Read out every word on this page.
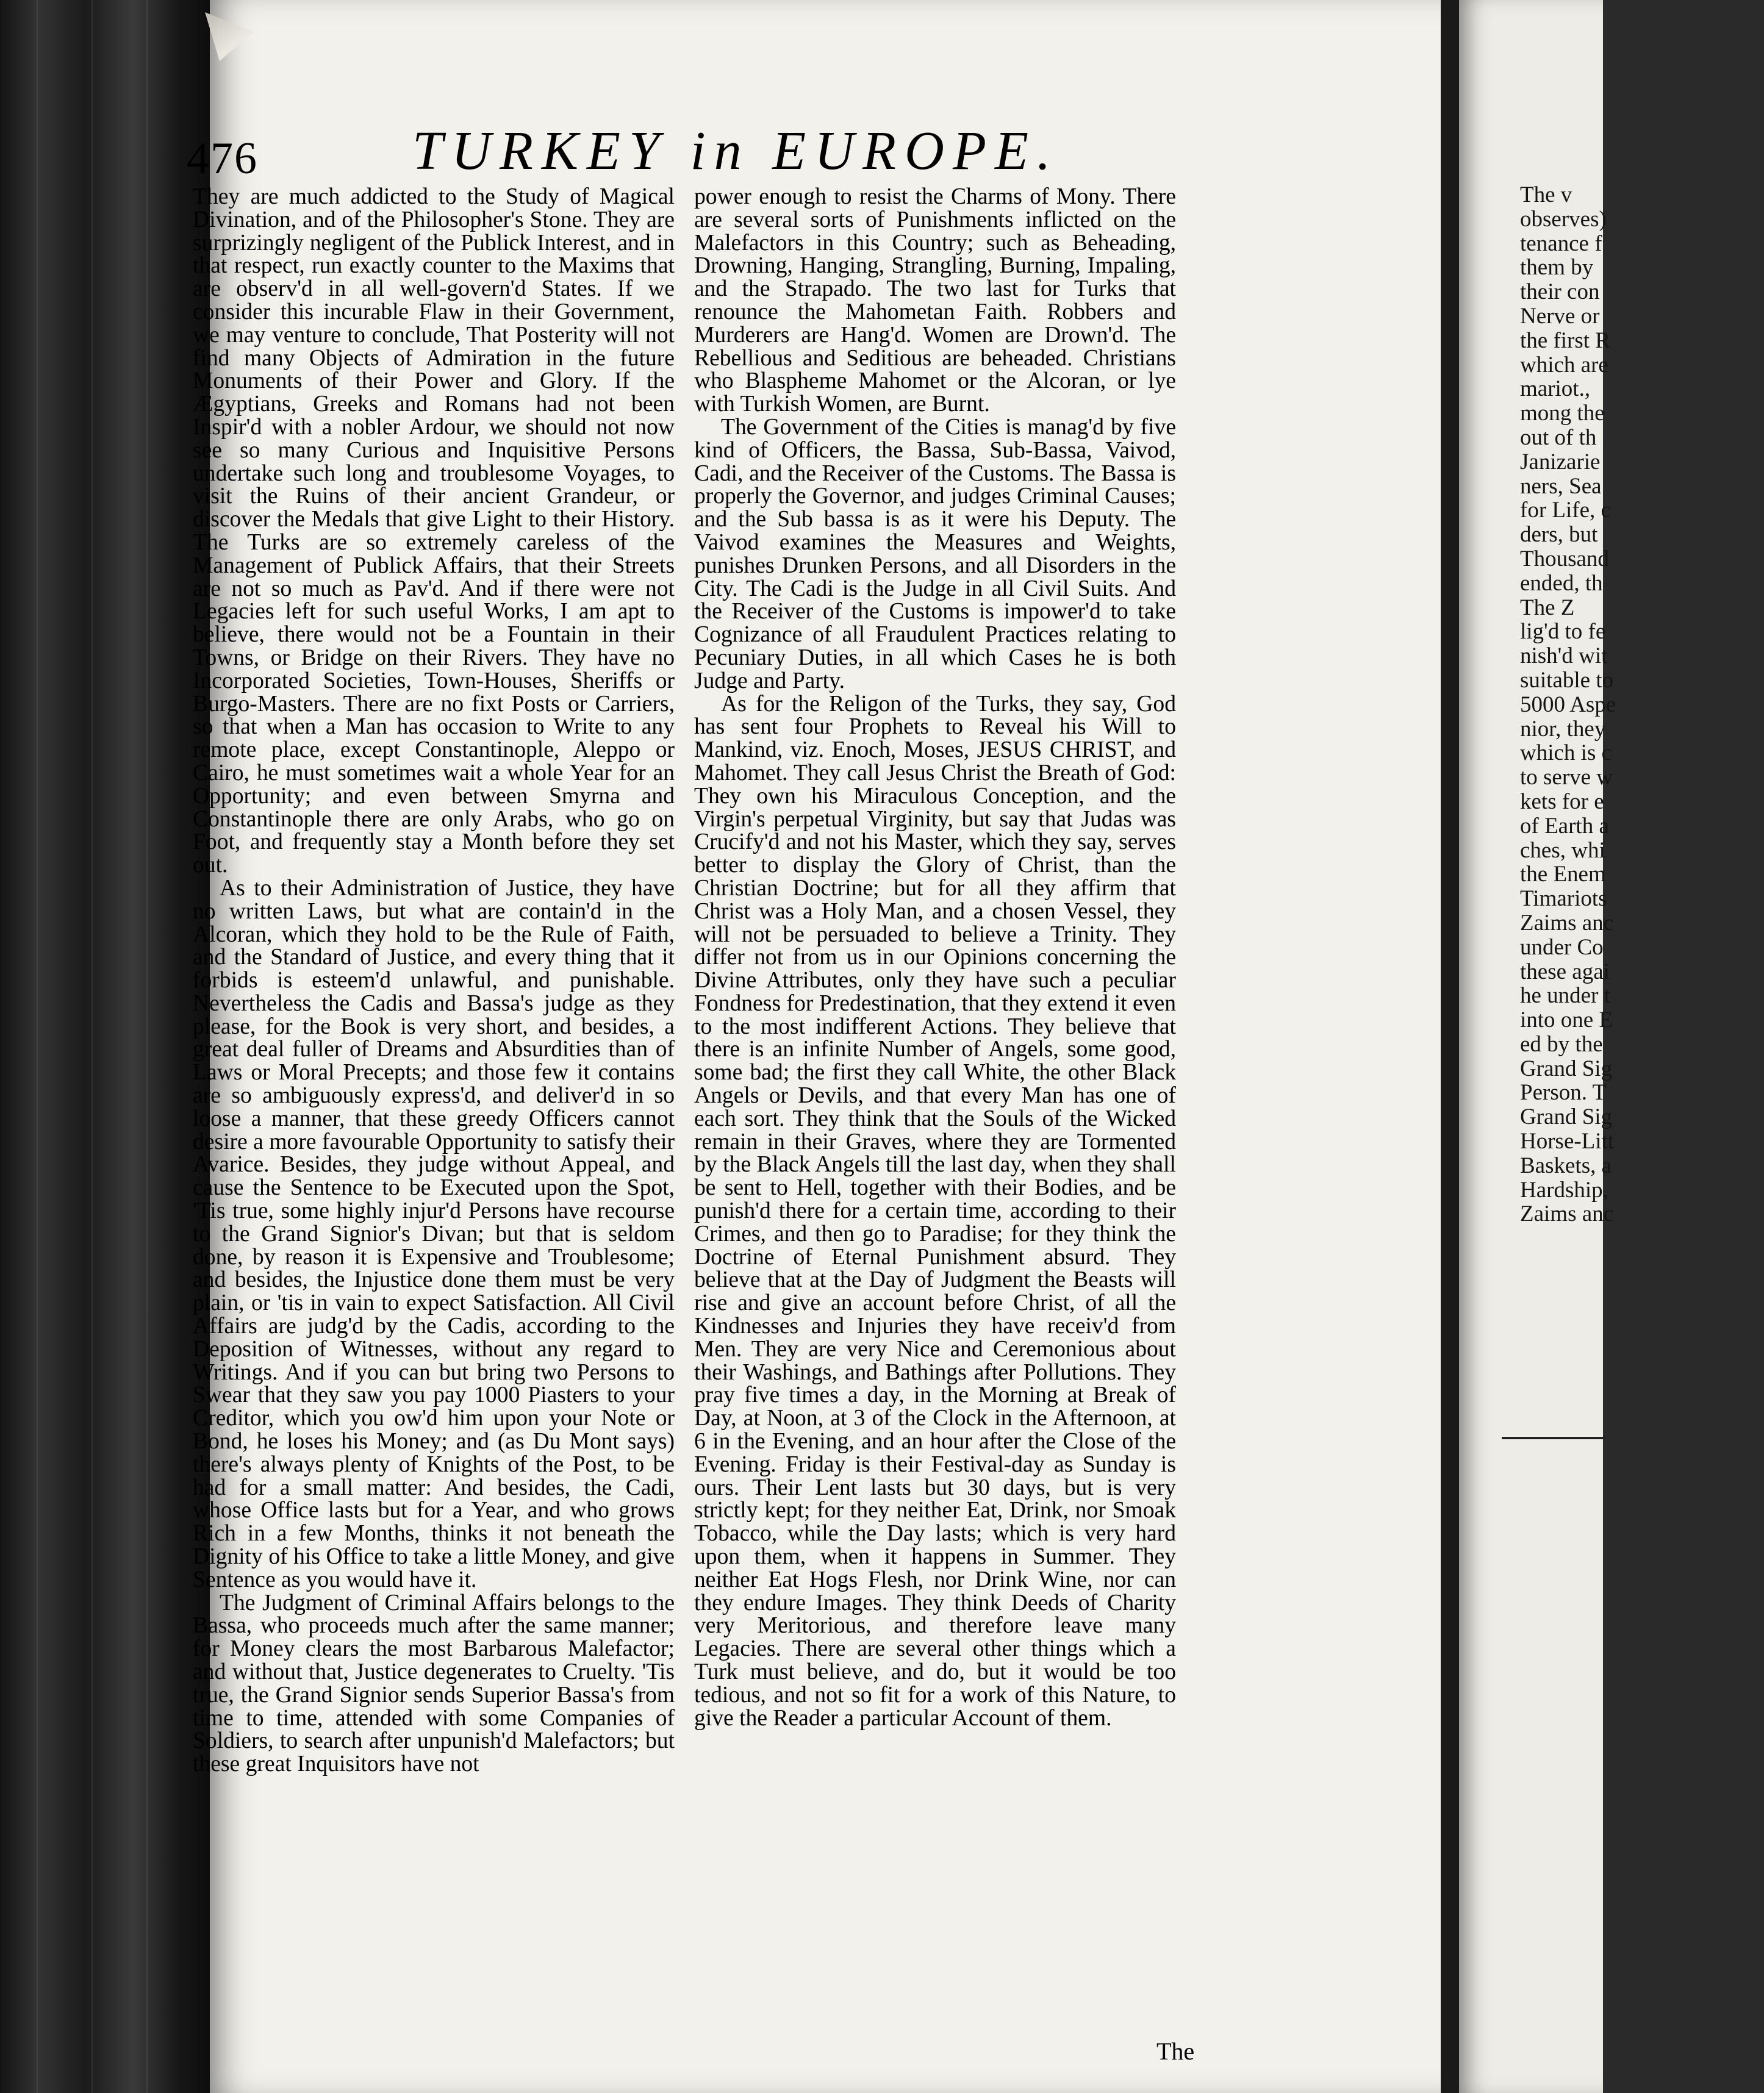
476	TURKEY in EUROPE.

They are much addicted to the Study of Magical Divination, and of the Philosopher's Stone. They are surprizingly negligent of the Publick Interest, and in that respect, run exactly counter to the Maxims that are observ'd in all well-govern'd States. If we consider this incurable Flaw in their Government, we may venture to conclude, That Posterity will not find many Objects of Admiration in the future Monuments of their Power and Glory. If the Ægyptians, Greeks and Romans had not been Inspir'd with a nobler Ardour, we should not now see so many Curious and Inquisitive Persons undertake such long and troublesome Voyages, to visit the Ruins of their ancient Grandeur, or discover the Medals that give Light to their History. The Turks are so extremely careless of the Management of Publick Affairs, that their Streets are not so much as Pav'd. And if there were not Legacies left for such useful Works, I am apt to believe, there would not be a Fountain in their Towns, or Bridge on their Rivers. They have no Incorporated Societies, Town-Houses, Sheriffs or Burgo-Masters. There are no fixt Posts or Carriers, so that when a Man has occasion to Write to any remote place, except Constantinople, Aleppo or Cairo, he must sometimes wait a whole Year for an Opportunity; and even between Smyrna and Constantinople there are only Arabs, who go on Foot, and frequently stay a Month before they set out.

As to their Administration of Justice, they have no written Laws, but what are contain'd in the Alcoran, which they hold to be the Rule of Faith, and the Standard of Justice, and every thing that it forbids is esteem'd unlawful, and punishable. Nevertheless the Cadis and Bassa's judge as they please, for the Book is very short, and besides, a great deal fuller of Dreams and Absurdities than of Laws or Moral Precepts; and those few it contains are so ambiguously express'd, and deliver'd in so loose a manner, that these greedy Officers cannot desire a more favourable Opportunity to satisfy their Avarice. Besides, they judge without Appeal, and cause the Sentence to be Executed upon the Spot, 'Tis true, some highly injur'd Persons have recourse to the Grand Signior's Divan; but that is seldom done, by reason it is Expensive and Troublesome; and besides, the Injustice done them must be very plain, or 'tis in vain to expect Satisfaction. All Civil Affairs are judg'd by the Cadis, according to the Deposition of Witnesses, without any regard to Writings. And if you can but bring two Persons to Swear that they saw you pay 1000 Piasters to your Creditor, which you ow'd him upon your Note or Bond, he loses his Money; and (as Du Mont says) there's always plenty of Knights of the Post, to be had for a small matter: And besides, the Cadi, whose Office lasts but for a Year, and who grows Rich in a few Months, thinks it not beneath the Dignity of his Office to take a little Money, and give Sentence as you would have it.

The Judgment of Criminal Affairs belongs to the Bassa, who proceeds much after the same manner; for Money clears the most Barbarous Malefactor; and without that, Justice degenerates to Cruelty. 'Tis true, the Grand Signior sends Superior Bassa's from time to time, attended with some Companies of Soldiers, to search after unpunish'd Malefactors; but these great Inquisitors have not

power enough to resist the Charms of Mony. There are several sorts of Punishments inflicted on the Malefactors in this Country; such as Beheading, Drowning, Hanging, Strangling, Burning, Impaling, and the Strapado. The two last for Turks that renounce the Mahometan Faith. Robbers and Murderers are Hang'd. Women are Drown'd. The Rebellious and Seditious are beheaded. Christians who Blaspheme Mahomet or the Alcoran, or lye with Turkish Women, are Burnt.

The Government of the Cities is manag'd by five kind of Officers, the Bassa, Sub-Bassa, Vaivod, Cadi, and the Receiver of the Customs. The Bassa is properly the Governor, and judges Criminal Causes; and the Sub bassa is as it were his Deputy. The Vaivod examines the Measures and Weights, punishes Drunken Persons, and all Disorders in the City. The Cadi is the Judge in all Civil Suits. And the Receiver of the Customs is impower'd to take Cognizance of all Fraudulent Practices relating to Pecuniary Duties, in all which Cases he is both Judge and Party.

As for the Religon of the Turks, they say, God has sent four Prophets to Reveal his Will to Mankind, viz. Enoch, Moses, JESUS CHRIST, and Mahomet. They call Jesus Christ the Breath of God: They own his Miraculous Conception, and the Virgin's perpetual Virginity, but say that Judas was Crucify'd and not his Master, which they say, serves better to display the Glory of Christ, than the Christian Doctrine; but for all they affirm that Christ was a Holy Man, and a chosen Vessel, they will not be persuaded to believe a Trinity. They differ not from us in our Opinions concerning the Divine Attributes, only they have such a peculiar Fondness for Predestination, that they extend it even to the most indifferent Actions. They believe that there is an infinite Number of Angels, some good, some bad; the first they call White, the other Black Angels or Devils, and that every Man has one of each sort. They think that the Souls of the Wicked remain in their Graves, where they are Tormented by the Black Angels till the last day, when they shall be sent to Hell, together with their Bodies, and be punish'd there for a certain time, according to their Crimes, and then go to Paradise; for they think the Doctrine of Eternal Punishment absurd. They believe that at the Day of Judgment the Beasts will rise and give an account before Christ, of all the Kindnesses and Injuries they have receiv'd from Men. They are very Nice and Ceremonious about their Washings, and Bathings after Pollutions. They pray five times a day, in the Morning at Break of Day, at Noon, at 3 of the Clock in the Afternoon, at 6 in the Evening, and an hour after the Close of the Evening. Friday is their Festival-day as Sunday is ours. Their Lent lasts but 30 days, but is very strictly kept; for they neither Eat, Drink, nor Smoak Tobacco, while the Day lasts; which is very hard upon them, when it happens in Summer. They neither Eat Hogs Flesh, nor Drink Wine, nor can they endure Images. They think Deeds of Charity very Meritorious, and therefore leave many Legacies. There are several other things which a Turk must believe, and do, but it would be too tedious, and not so fit for a work of this Nature, to give the Reader a particular Account of them.

The
The v
observes)
tenance f
them by
their con
Nerve or
the first R
which are
mariot.,
mong the
out of th
Janizarie
ners, Sea
for Life, c
ders, but
Thousand
ended, th
The Z
lig'd to fe
nish'd wit
suitable to
5000 Aspe
nior, they
which is c
to serve w
kets for e
of Earth a
ches, whi
the Enem
Timariots
Zaims anc
under Co
these agai
he under t
into one E
ed by the
Grand Sig
Person. T
Grand Sig
Horse-Litt
Baskets, a
Hardship,
Zaims anc
